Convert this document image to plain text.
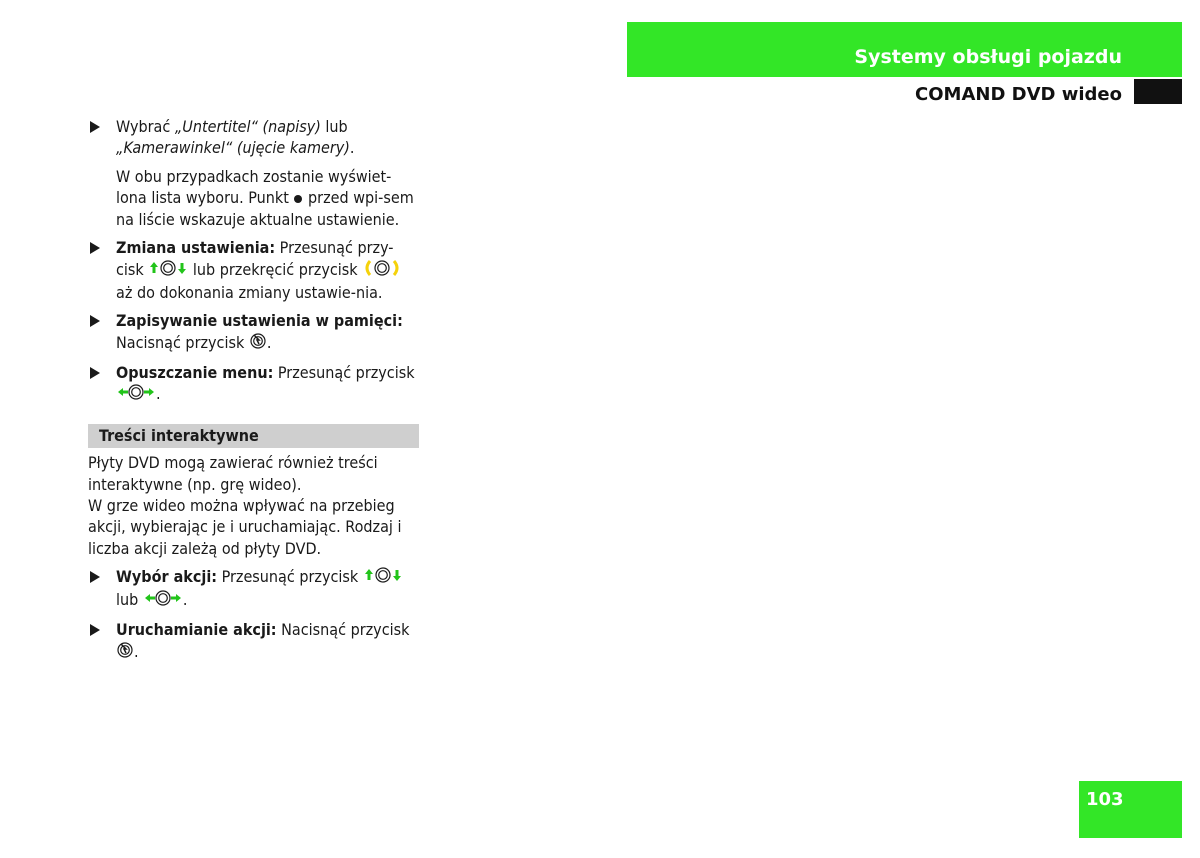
Systemy obsługi pojazdu
COMAND DVD wideo
Wybrać „Untertitel“ (napisy) lub „Kamerawinkel“ (ujęcie kamery).

W obu przypadkach zostanie wyświet-lona lista wyboru. Punkt  przed wpi-sem na liście wskazuje aktualne ustawienie.

Zmiana ustawienia: Przesunąć przy-cisk	lub przekręcić przycisk  aż do dokonania zmiany ustawie-nia.
Zapisywanie ustawienia w pamięci: Nacisnąć przycisk .
Opuszczanie menu: Przesunąć przycisk .
Treści interaktywne

Płyty DVD mogą zawierać również treści interaktywne (np. grę wideo).

W grze wideo można wpływać na przebieg akcji, wybierając je i uruchamiając. Rodzaj i liczba akcji zależą od płyty DVD.

Wybór akcji: Przesunąć przycisk
lub	.
Uruchamianie akcji: Nacisnąć przycisk .
103
